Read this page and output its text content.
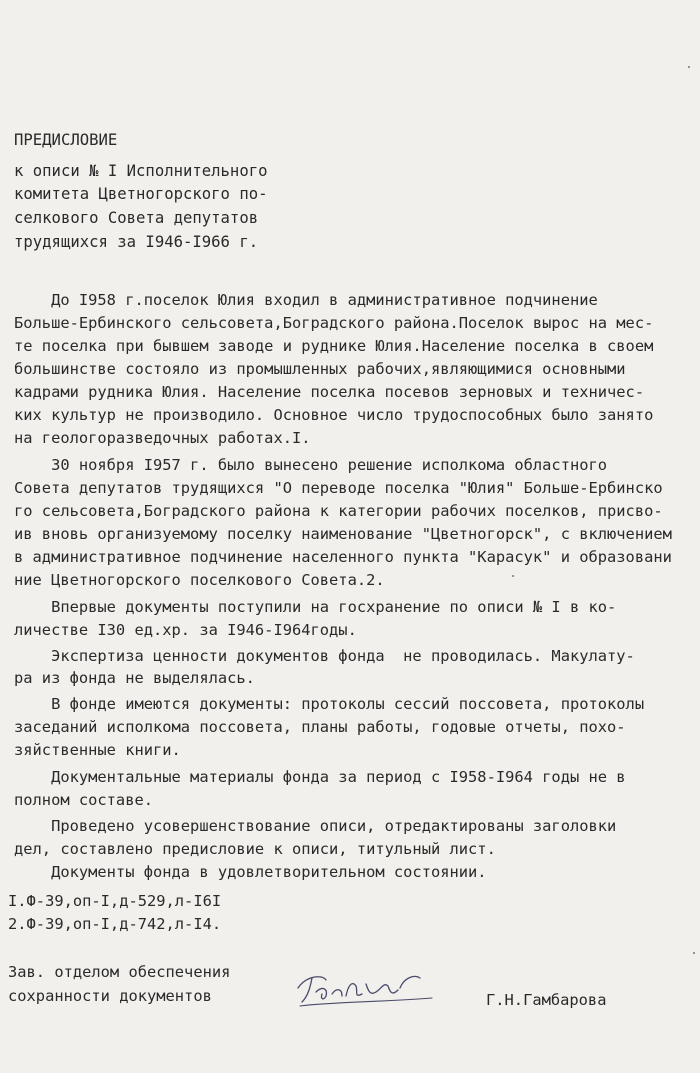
ПРЕДИСЛОВИЕ
к описи № I Исполнительного
комитета Цветногорского по-
селкового Совета депутатов
трудящихся за I946-I966 г.
До I958 г.поселок Юлия входил в административное подчинение
Больше-Ербинского сельсовета,Боградского района.Поселок вырос на мес-
те поселка при бывшем заводе и руднике Юлия.Население поселка в своем
большинстве состояло из промышленных рабочих,являющимися основными
кадрами рудника Юлия. Население поселка посевов зерновых и техничес-
ких культур не производило. Основное число трудоспособных было занято
на геологоразведочных работах.I.
30 ноября I957 г. было вынесено решение исполкома областного
Совета депутатов трудящихся "О переводе поселка "Юлия" Больше-Ербинско
го сельсовета,Боградского района к категории рабочих поселков, присво-
ив вновь организуемому поселку наименование "Цветногорск", с включением
в административное подчинение населенного пункта "Карасук" и образовани
ние Цветногорского поселкового Совета.2.
Впервые документы поступили на госхранение по описи № I в ко-
личестве I30 ед.хр. за I946-I964годы.
Экспертиза ценности документов фонда  не проводилась. Макулату-
ра из фонда не выделялась.
В фонде имеются документы: протоколы сессий поссовета, протоколы
заседаний исполкома поссовета, планы работы, годовые отчеты, похо-
зяйственные книги.
Документальные материалы фонда за период с I958-I964 годы не в
полном составе.
Проведено усовершенствование описи, отредактированы заголовки
дел, составлено предисловие к описи, титульный лист.
Документы фонда в удовлетворительном состоянии.
I.Ф-39,оп-I,д-529,л-I6I
2.Ф-39,оп-I,д-742,л-I4.
Зав. отделом обеспечения
сохранности документов	Г.Н.Гамбарова
